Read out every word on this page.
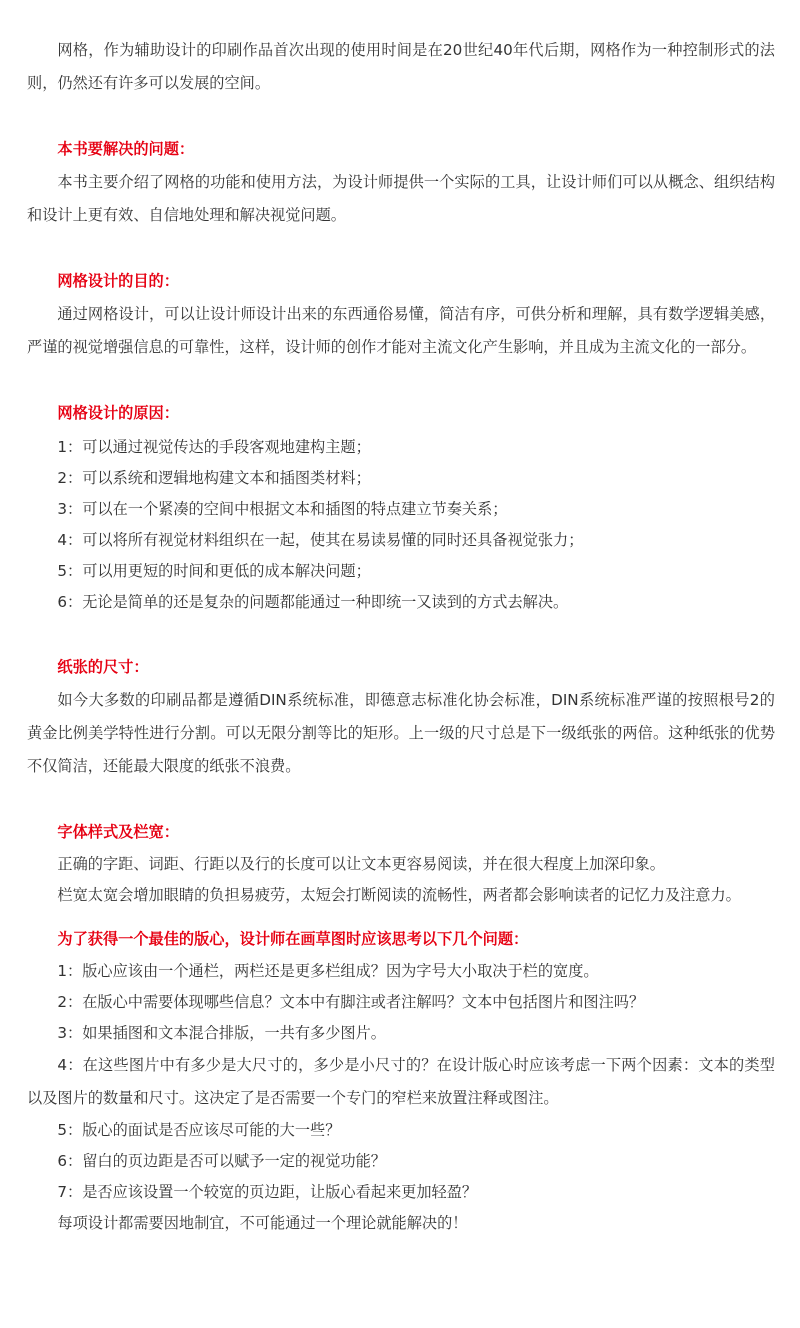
网格，作为辅助设计的印刷作品首次出现的使用时间是在20世纪40年代后期，网格作为一种控制形式的法则，仍然还有许多可以发展的空间。

本书要解决的问题：

本书主要介绍了网格的功能和使用方法，为设计师提供一个实际的工具，让设计师们可以从概念、组织结构和设计上更有效、自信地处理和解决视觉问题。

网格设计的目的：

通过网格设计，可以让设计师设计出来的东西通俗易懂，简洁有序，可供分析和理解，具有数学逻辑美感，严谨的视觉增强信息的可靠性，这样，设计师的创作才能对主流文化产生影响，并且成为主流文化的一部分。

网格设计的原因：

1：可以通过视觉传达的手段客观地建构主题；

2：可以系统和逻辑地构建文本和插图类材料；

3：可以在一个紧凑的空间中根据文本和插图的特点建立节奏关系；

4：可以将所有视觉材料组织在一起，使其在易读易懂的同时还具备视觉张力；

5：可以用更短的时间和更低的成本解决问题；

6：无论是简单的还是复杂的问题都能通过一种即统一又读到的方式去解决。

纸张的尺寸：

如今大多数的印刷品都是遵循DIN系统标准，即德意志标准化协会标准，DIN系统标准严谨的按照根号2的黄金比例美学特性进行分割。可以无限分割等比的矩形。上一级的尺寸总是下一级纸张的两倍。这种纸张的优势不仅简洁，还能最大限度的纸张不浪费。

字体样式及栏宽：

正确的字距、词距、行距以及行的长度可以让文本更容易阅读，并在很大程度上加深印象。

栏宽太宽会增加眼睛的负担易疲劳，太短会打断阅读的流畅性，两者都会影响读者的记忆力及注意力。

为了获得一个最佳的版心，设计师在画草图时应该思考以下几个问题：

1：版心应该由一个通栏，两栏还是更多栏组成？因为字号大小取决于栏的宽度。

2：在版心中需要体现哪些信息？文本中有脚注或者注解吗？文本中包括图片和图注吗？

3：如果插图和文本混合排版，一共有多少图片。

4：在这些图片中有多少是大尺寸的，多少是小尺寸的？在设计版心时应该考虑一下两个因素：文本的类型以及图片的数量和尺寸。这决定了是否需要一个专门的窄栏来放置注释或图注。

5：版心的面试是否应该尽可能的大一些？

6：留白的页边距是否可以赋予一定的视觉功能？

7：是否应该设置一个较宽的页边距，让版心看起来更加轻盈？

每项设计都需要因地制宜，不可能通过一个理论就能解决的！
